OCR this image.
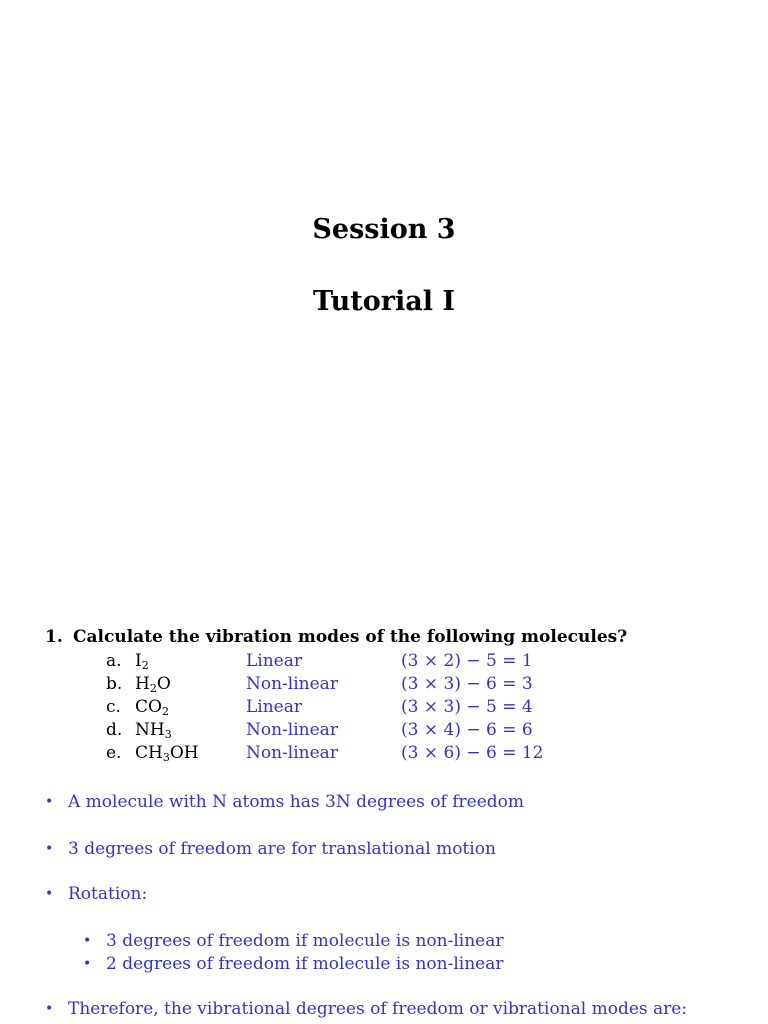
Session 3
Tutorial I
1. Calculate the vibration modes of the following molecules?
a. $I_2$	Linear	(3 × 2) − 5 = 1
b. $H_2O$	Non-linear	(3 × 3) − 6 = 3
c. $CO_2$	Linear	(3 × 3) − 5 = 4
d. $NH_3$	Non-linear	(3 × 4) − 6 = 6
e. $CH_3OH$	Non-linear	(3 × 6) − 6 = 12
• A molecule with N atoms has 3N degrees of freedom
• 3 degrees of freedom are for translational motion
• Rotation:
• 3 degrees of freedom if molecule is non-linear
• 2 degrees of freedom if molecule is non-linear
• Therefore, the vibrational degrees of freedom or vibrational modes are:
